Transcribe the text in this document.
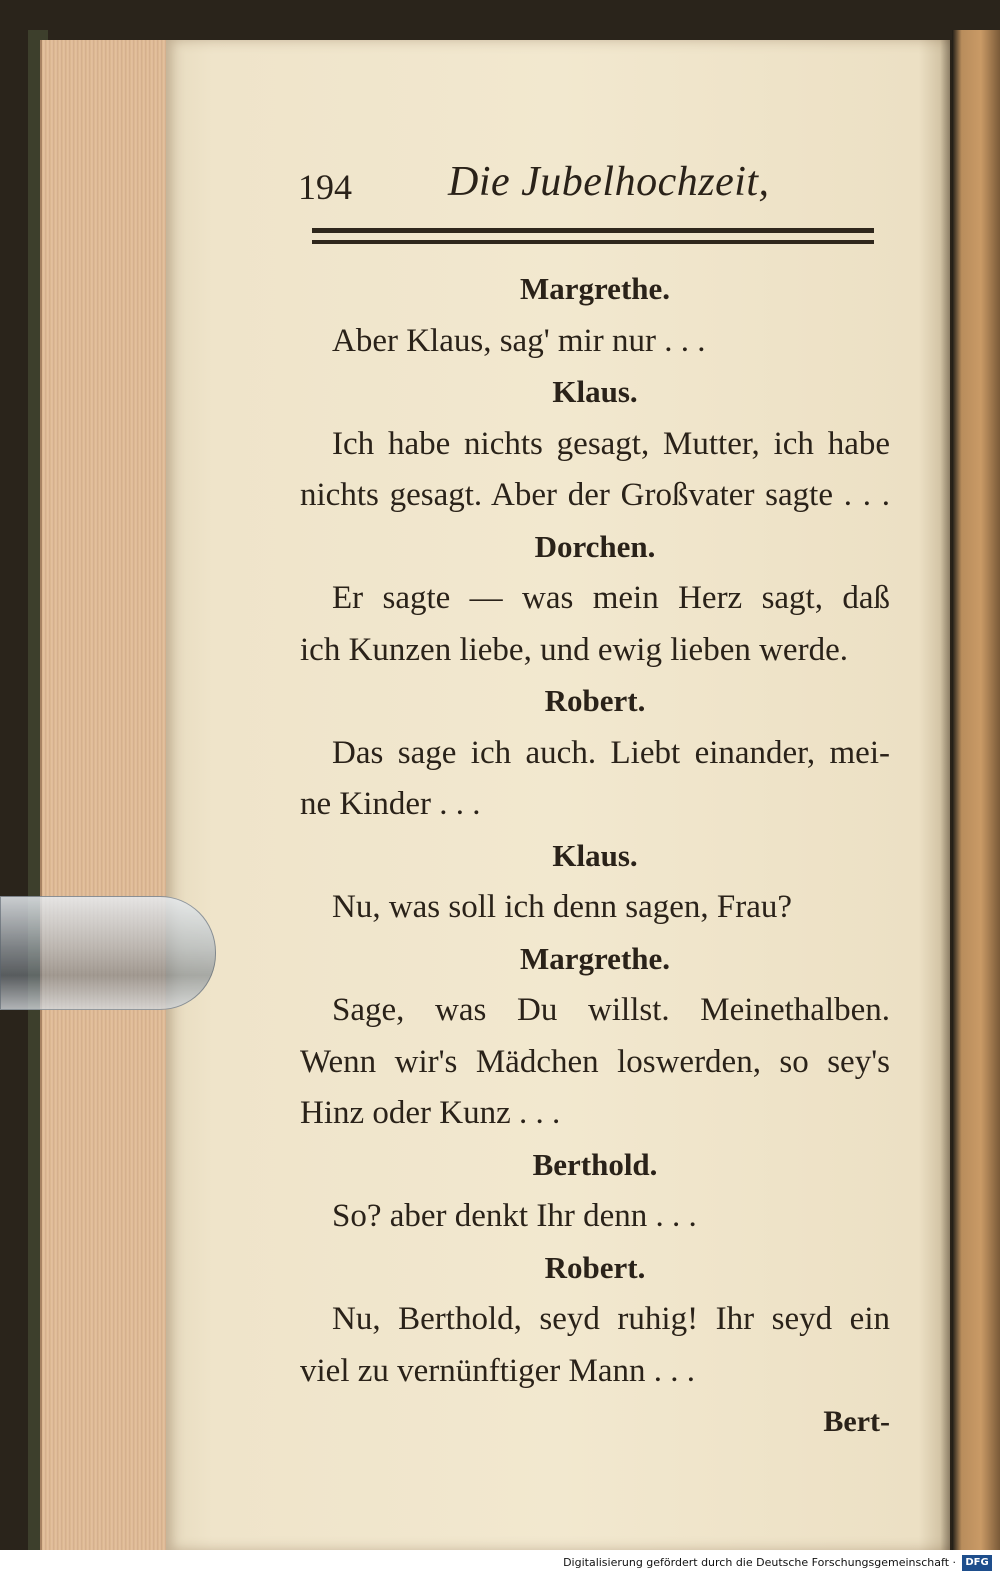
194 Die Jubelhochzeit,
Margrethe.
Aber Klaus, sag' mir nur . . .
Klaus.
Ich habe nichts gesagt, Mutter, ich habe
nichts gesagt. Aber der Großvater sagte . . .
Dorchen.
Er sagte — was mein Herz sagt, daß
ich Kunzen liebe, und ewig lieben werde.
Robert.
Das sage ich auch. Liebt einander, mei-
ne Kinder . . .
Klaus.
Nu, was soll ich denn sagen, Frau?
Margrethe.
Sage, was Du willst. Meinethalben.
Wenn wir's Mädchen loswerden, so sey's
Hinz oder Kunz . . .
Berthold.
So? aber denkt Ihr denn . . .
Robert.
Nu, Berthold, seyd ruhig! Ihr seyd ein
viel zu vernünftiger Mann . . .
Bert-
Digitalisierung gefördert durch die Deutsche Forschungsgemeinschaft · DFG
